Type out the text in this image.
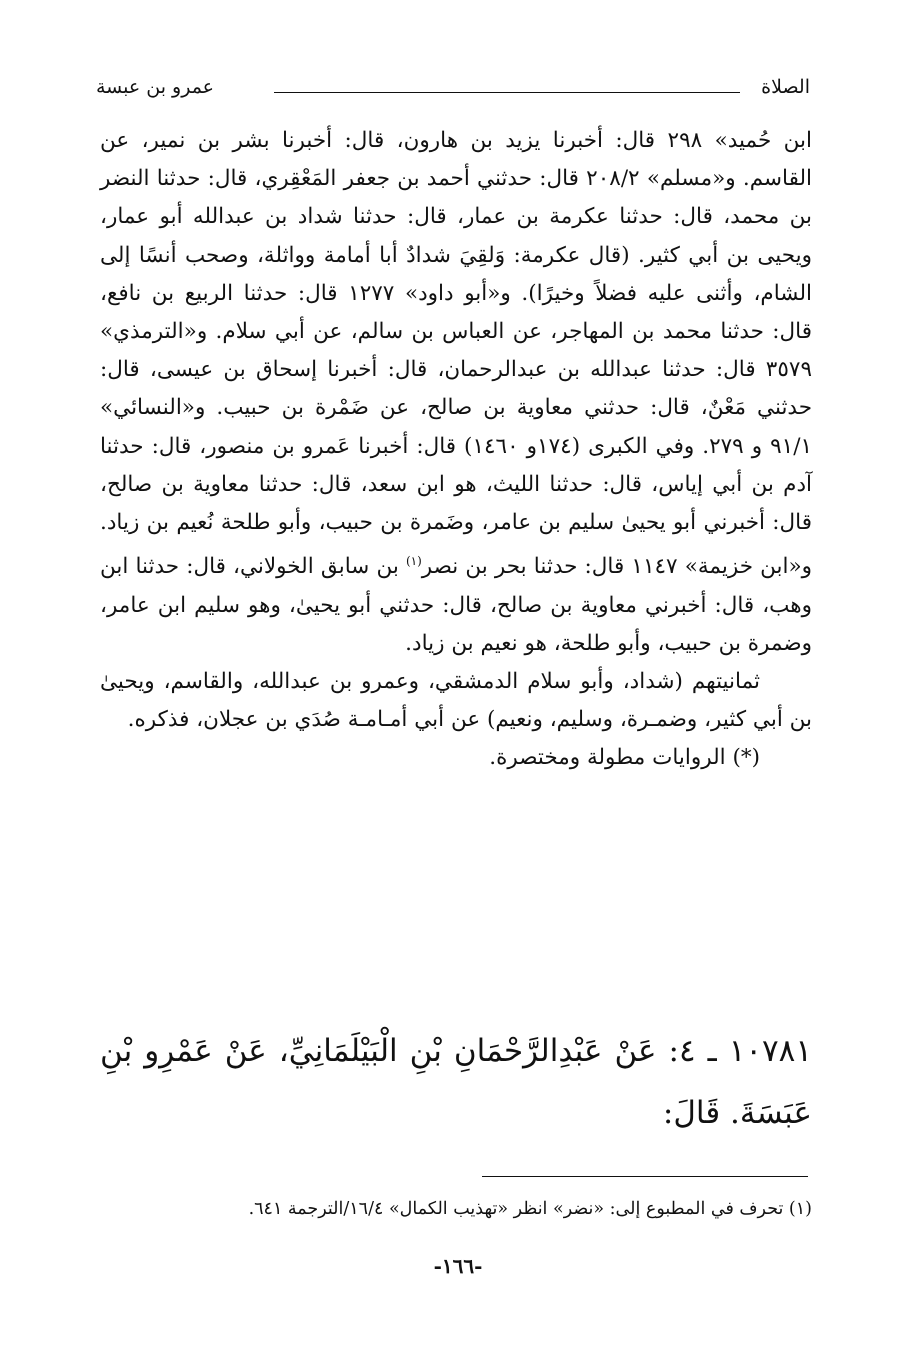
الصلاة
عمرو بن عبسة

ابن حُميد» ٢٩٨ قال: أخبرنا يزيد بن هارون، قال: أخبرنا بشر بن نمير، عن القاسم. و«مسلم» ٢٠٨/٢ قال: حدثني أحمد بن جعفر المَعْقِري، قال: حدثنا النضر بن محمد، قال: حدثنا عكرمة بن عمار، قال: حدثنا شداد بن عبدالله أبو عمار، ويحيى بن أبي كثير. (قال عكرمة: وَلقِيَ شدادٌ أبا أمامة وواثلة، وصحب أنسًا إلى الشام، وأثنى عليه فضلاً وخيرًا). و«أبو داود» ١٢٧٧ قال: حدثنا الربيع بن نافع، قال: حدثنا محمد بن المهاجر، عن العباس بن سالم، عن أبي سلام. و«الترمذي» ٣٥٧٩ قال: حدثنا عبدالله بن عبدالرحمان، قال: أخبرنا إسحاق بن عيسى، قال: حدثني مَعْنٌ، قال: حدثني معاوية بن صالح، عن ضَمْرة بن حبيب. و«النسائي» ٩١/١ و ٢٧٩. وفي الكبرى (١٧٤و ١٤٦٠) قال: أخبرنا عَمرو بن منصور، قال: حدثنا آدم بن أبي إياس، قال: حدثنا الليث، هو ابن سعد، قال: حدثنا معاوية بن صالح، قال: أخبرني أبو يحيىٰ سليم بن عامر، وضَمرة بن حبيب، وأبو طلحة نُعيم بن زياد. و«ابن خزيمة» ١١٤٧ قال: حدثنا بحر بن نصر$^{(١)}$ بن سابق الخولاني، قال: حدثنا ابن وهب، قال: أخبرني معاوية بن صالح، قال: حدثني أبو يحيىٰ، وهو سليم ابن عامر، وضمرة بن حبيب، وأبو طلحة، هو نعيم بن زياد.

ثمانيتهم (شداد، وأبو سلام الدمشقي، وعمرو بن عبدالله، والقاسم، ويحيىٰ بن أبي كثير، وضمـرة، وسليم، ونعيم) عن أبي أمـامـة صُدَي بن عجلان، فذكره.

(*) الروايات مطولة ومختصرة.

١٠٧٨١ ـ ٤: عَنْ عَبْدِالرَّحْمَانِ بْنِ الْبَيْلَمَانِيِّ، عَنْ عَمْرِو بْنِ عَبَسَةَ. قَالَ:
(١) تحرف في المطبوع إلى: «نضر» انظر «تهذيب الكمال» ١٦/٤/الترجمة ٦٤١.
-١٦٦-
